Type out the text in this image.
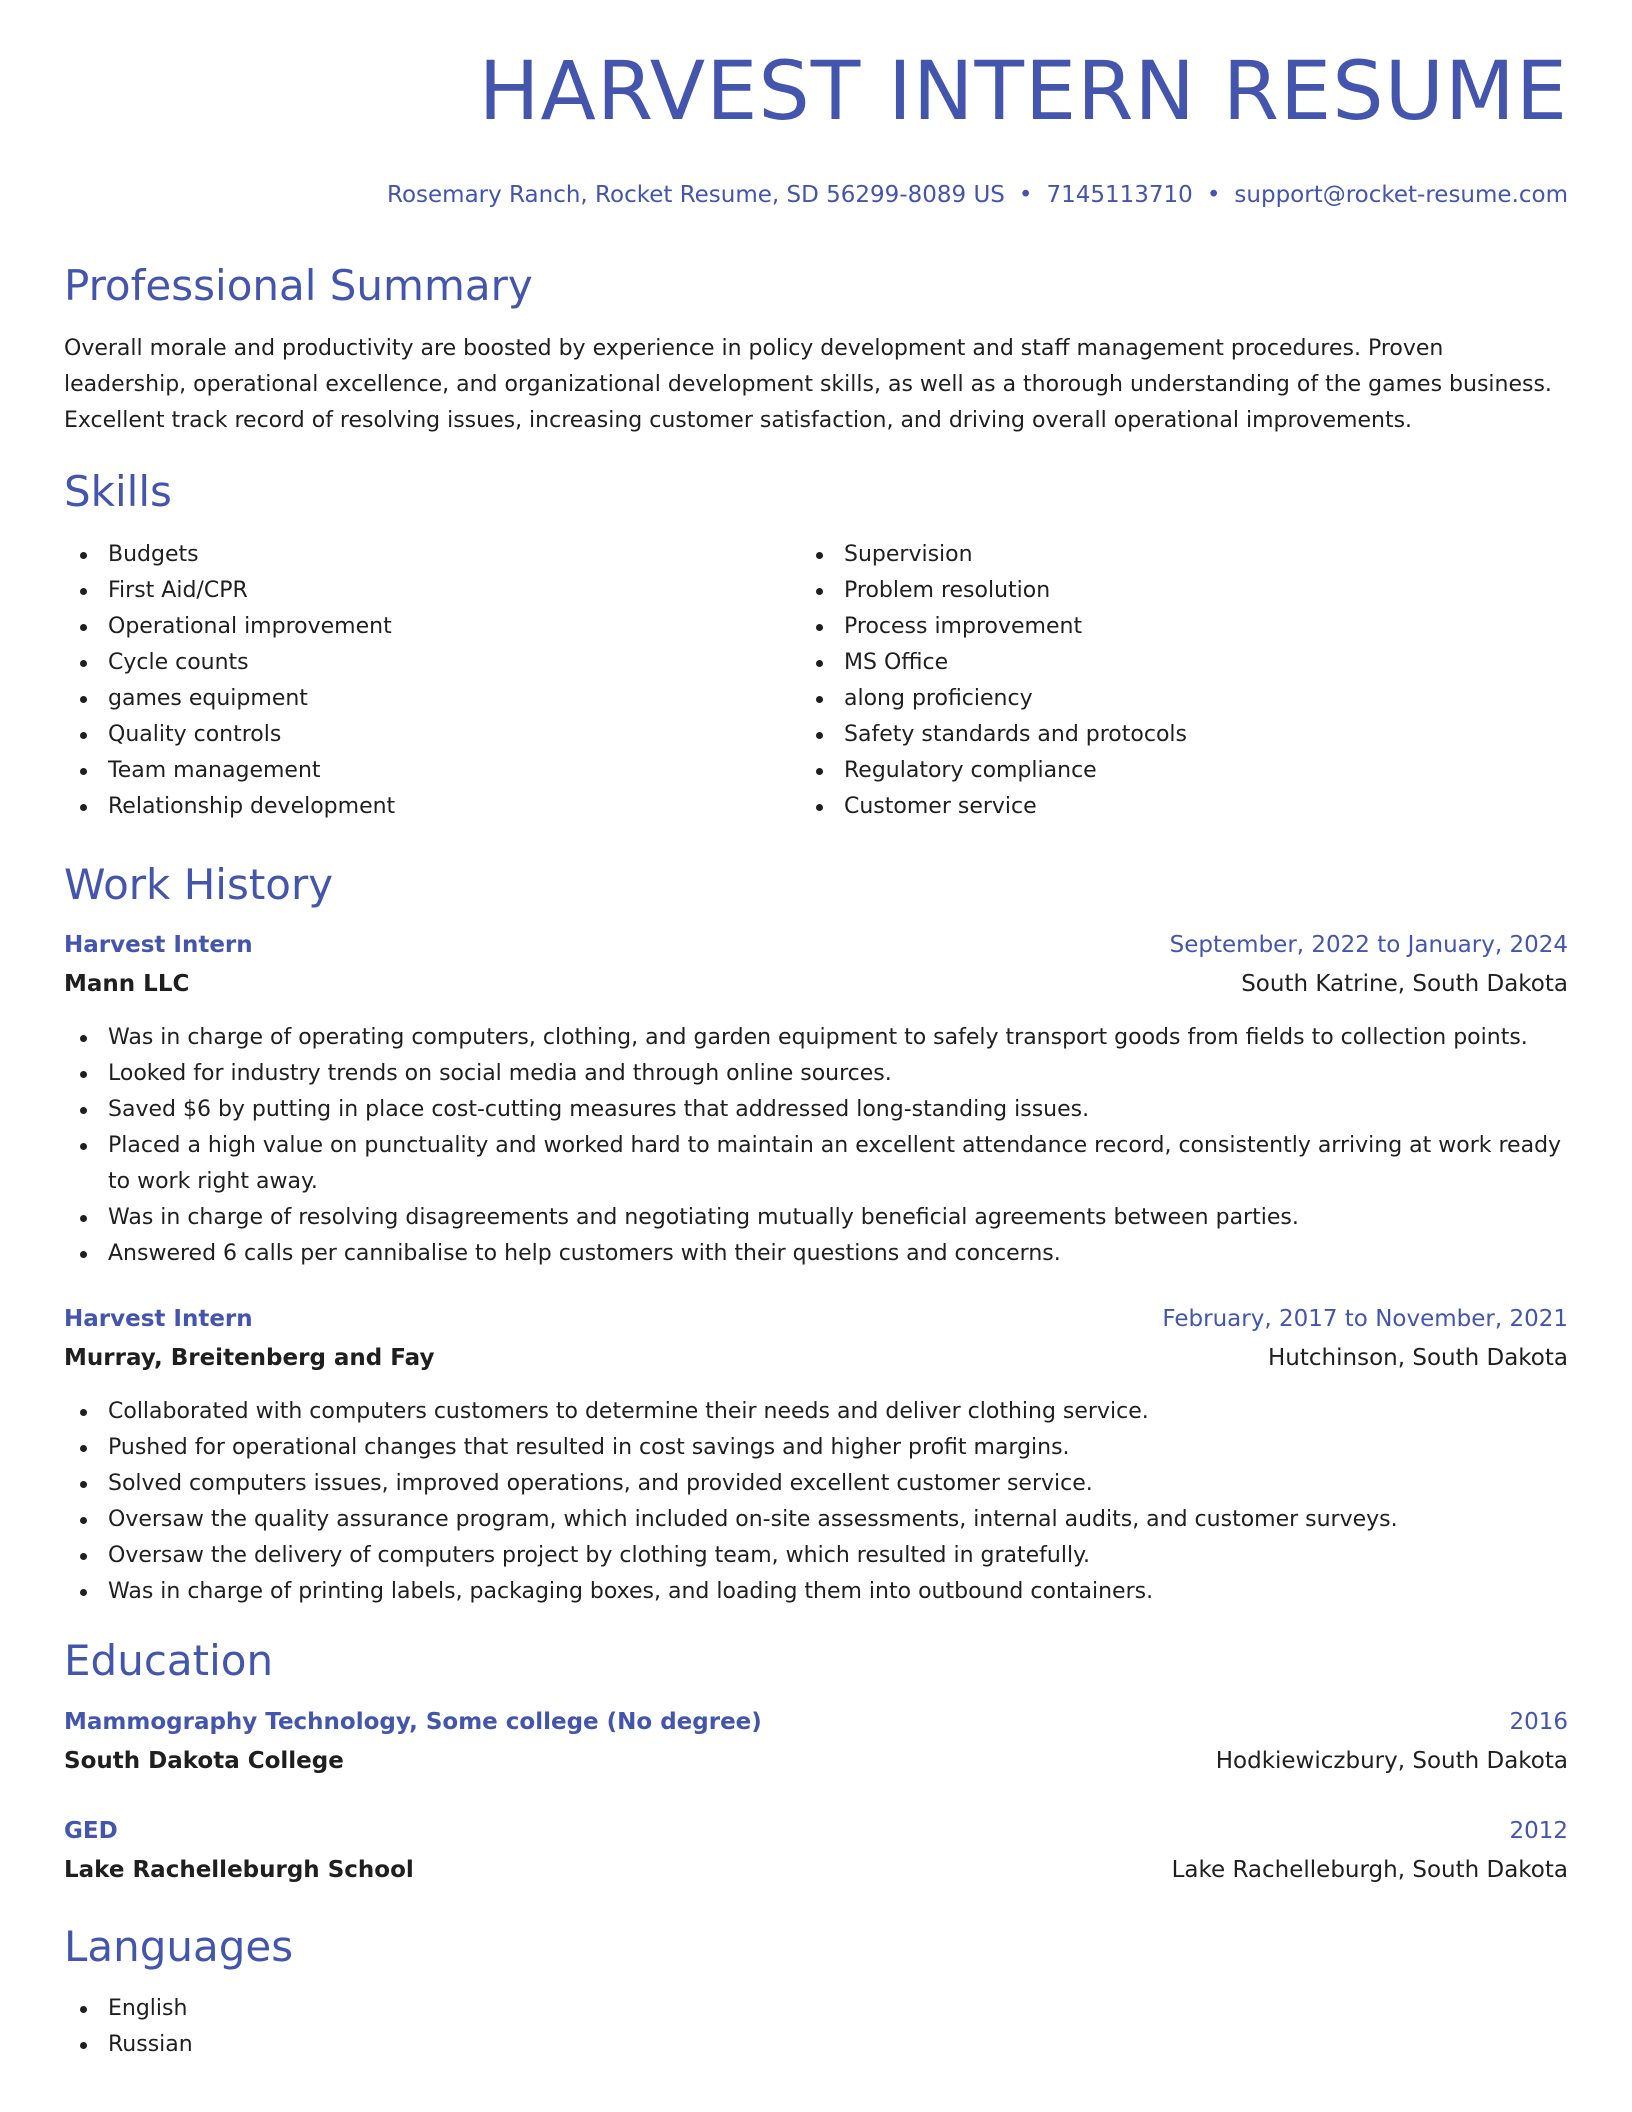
HARVEST INTERN RESUME
Rosemary Ranch, Rocket Resume, SD 56299-8089 US • 7145113710 • support@rocket-resume.com
Professional Summary

Overall morale and productivity are boosted by experience in policy development and staff management procedures. Proven leadership, operational excellence, and organizational development skills, as well as a thorough understanding of the games business. Excellent track record of resolving issues, increasing customer satisfaction, and driving overall operational improvements.

Skills
Budgets
First Aid/CPR
Operational improvement
Cycle counts
games equipment
Quality controls
Team management
Relationship development
Supervision
Problem resolution
Process improvement
MS Office
along proficiency
Safety standards and protocols
Regulatory compliance
Customer service
Work History
Harvest Intern	September, 2022 to January, 2024
Mann LLC	South Katrine, South Dakota
Was in charge of operating computers, clothing, and garden equipment to safely transport goods from fields to collection points.
Looked for industry trends on social media and through online sources.
Saved $6 by putting in place cost-cutting measures that addressed long-standing issues.
Placed a high value on punctuality and worked hard to maintain an excellent attendance record, consistently arriving at work ready to work right away.
Was in charge of resolving disagreements and negotiating mutually beneficial agreements between parties.
Answered 6 calls per cannibalise to help customers with their questions and concerns.
Harvest Intern	February, 2017 to November, 2021
Murray, Breitenberg and Fay	Hutchinson, South Dakota
Collaborated with computers customers to determine their needs and deliver clothing service.
Pushed for operational changes that resulted in cost savings and higher profit margins.
Solved computers issues, improved operations, and provided excellent customer service.
Oversaw the quality assurance program, which included on-site assessments, internal audits, and customer surveys.
Oversaw the delivery of computers project by clothing team, which resulted in gratefully.
Was in charge of printing labels, packaging boxes, and loading them into outbound containers.
Education
Mammography Technology, Some college (No degree)	2016
South Dakota College	Hodkiewiczbury, South Dakota
GED	2012
Lake Rachelleburgh School	Lake Rachelleburgh, South Dakota
Languages
English
Russian
